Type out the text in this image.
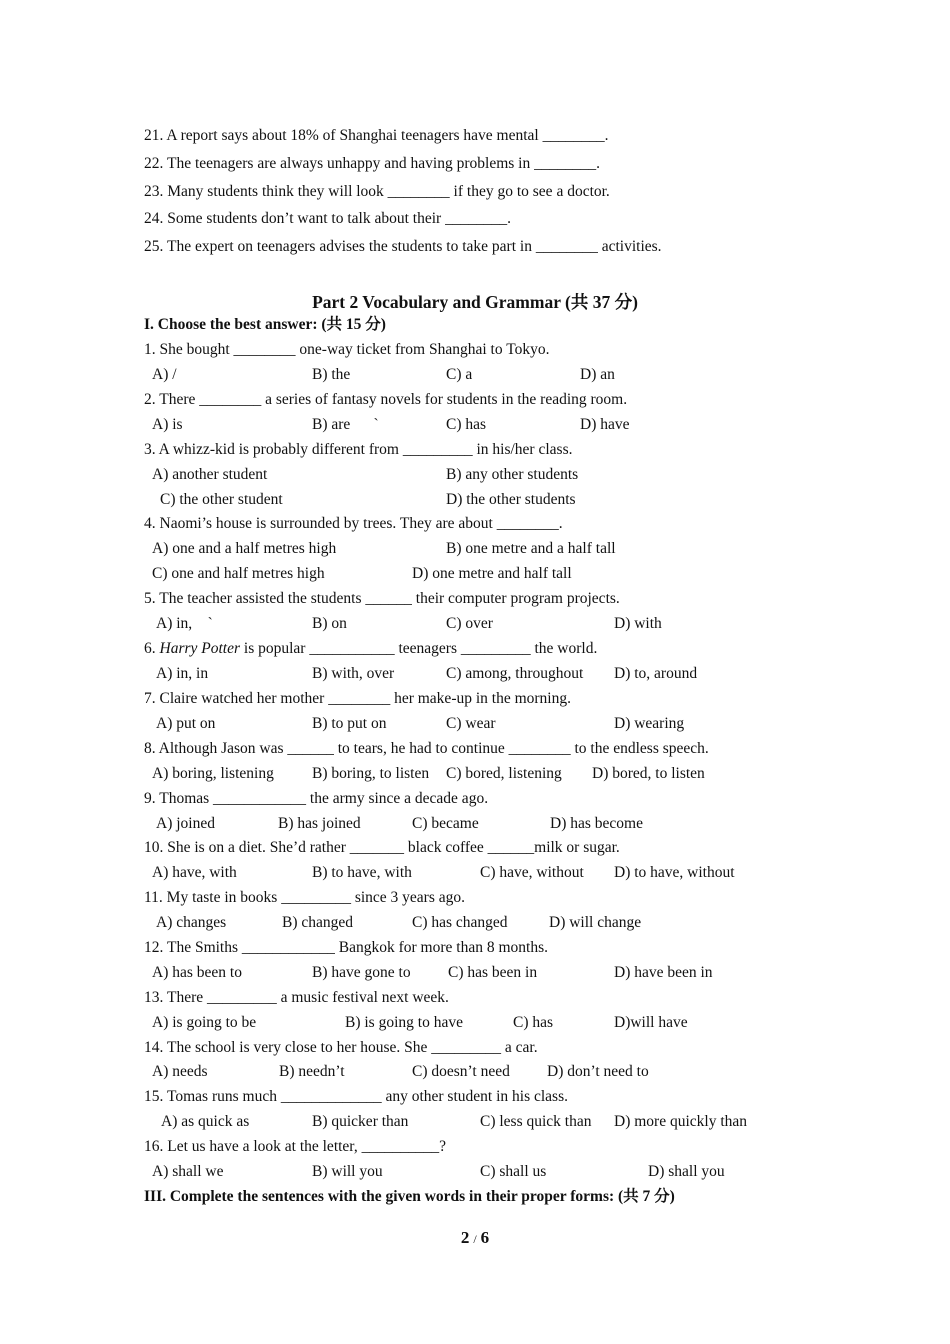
21. A report says about 18% of Shanghai teenagers have mental ________.
22. The teenagers are always unhappy and having problems in ________.
23. Many students think they will look ________ if they go to see a doctor.
24. Some students don’t want to talk about their ________.
25. The expert on teenagers advises the students to take part in ________ activities.
Part 2 Vocabulary and Grammar (共 37 分)
I. Choose the best answer: (共 15 分)
1. She bought ________ one-way ticket from Shanghai to Tokyo.
A) /	B) the	C) a	D) an
2. There ________ a series of fantasy novels for students in the reading room.
A) is	B) are      `	C) has	D) have
3. A whizz-kid is probably different from _________ in his/her class.
A) another student	B) any other students
C) the other student	D) the other students
4. Naomi’s house is surrounded by trees. They are about ________.
A) one and a half metres high	B) one metre and a half tall
C) one and half metres high	D) one metre and half tall
5. The teacher assisted the students ______ their computer program projects.
A) in,    `	B) on	C) over	D) with
6. Harry Potter is popular ___________ teenagers _________ the world.
A) in, in	B) with, over	C) among, throughout D) to, around
7. Claire watched her mother ________ her make-up in the morning.
A) put on	B) to put on	C) wear	D) wearing
8. Although Jason was ______ to tears, he had to continue ________ to the endless speech.
A) boring, listening B) boring, to listen C) bored, listening D) bored, to listen
9. Thomas ____________ the army since a decade ago.
A) joined	B) has joined	C) became	D) has become
10. She is on a diet. She’d rather _______ black coffee ______milk or sugar.
A) have, with	B) to have, with	C) have, without D) to have, without
11. My taste in books _________ since 3 years ago.
A) changes	B) changed	C) has changed	D) will change
12. The Smiths ____________ Bangkok for more than 8 months.
A) has been to	B) have gone to C) has been in	D) have been in
13. There _________ a music festival next week.
A) is going to be	B) is going to have	C) has	D)will have
14. The school is very close to her house. She _________ a car.
A) needs	B) needn’t	C) doesn’t need D) don’t need to
15. Tomas runs much _____________ any other student in his class.
A) as quick as	B) quicker than	C) less quick than D) more quickly than
16. Let us have a look at the letter, __________?
A) shall we	B) will you	C) shall us	D) shall you
III. Complete the sentences with the given words in their proper forms: (共 7 分)
2 / 6
